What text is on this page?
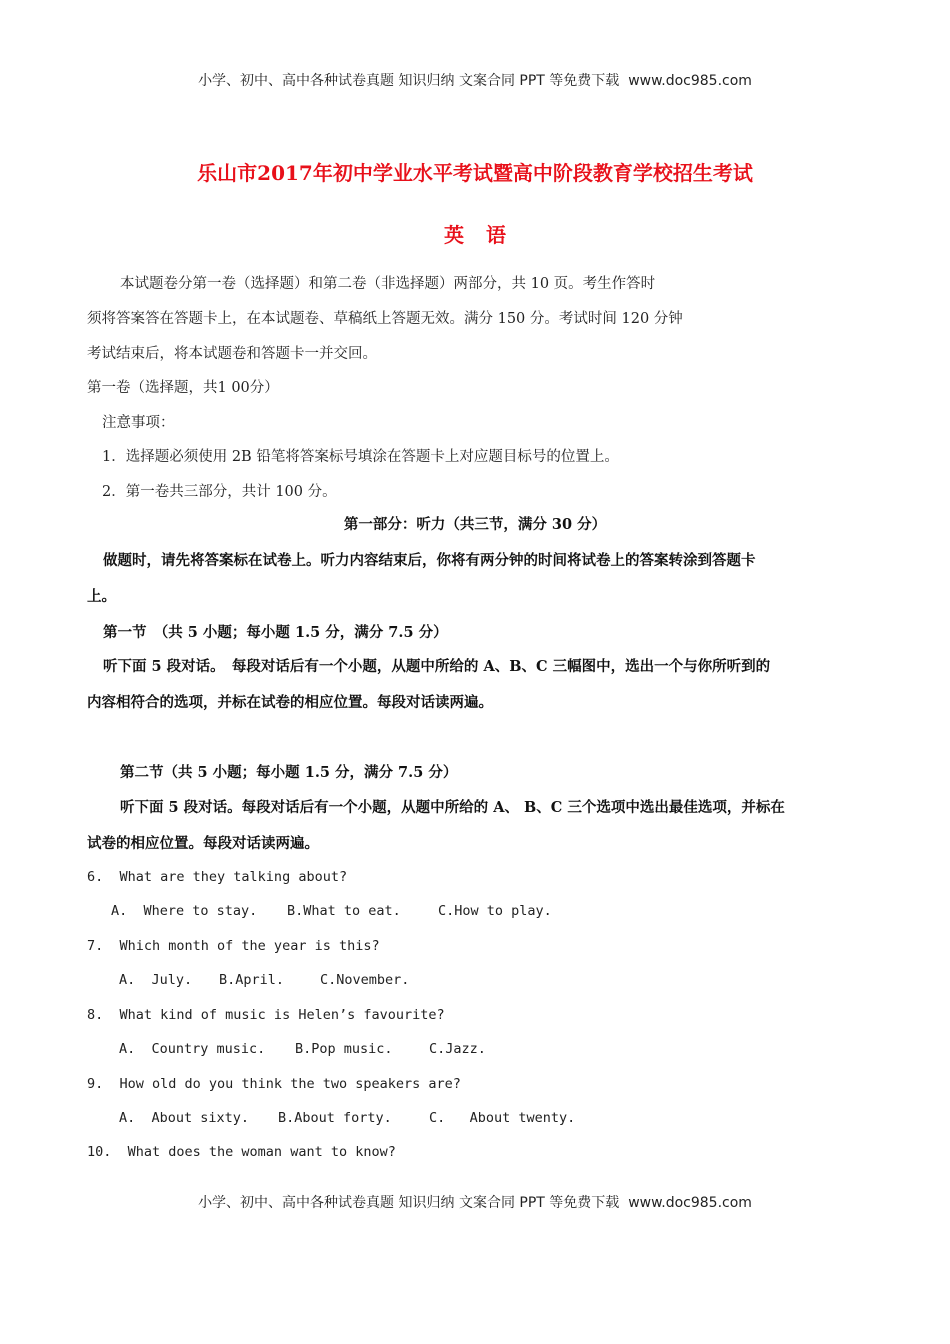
小学、初中、高中各种试卷真题 知识归纳 文案合同 PPT 等免费下载  www.doc985.com
乐山市2017年初中学业水平考试暨高中阶段教育学校招生考试
英语
本试题卷分第一卷（选择题）和第二卷（非选择题）两部分，共 10 页。考生作答时
须将答案答在答题卡上，在本试题卷、草稿纸上答题无效。满分 150 分。考试时间 120 分钟
考试结束后，将本试题卷和答题卡一并交回。
第一卷（选择题，共1 00分）
注意事项：
1．选择题必须使用 2B 铅笔将答案标号填涂在答题卡上对应题目标号的位置上。
2．第一卷共三部分，共计 100 分。
第一部分：听力（共三节，满分 30 分）
做题时，请先将答案标在试卷上。听力内容结束后，你将有两分钟的时间将试卷上的答案转涂到答题卡
上。
第一节　（共 5 小题；每小题 1.5 分，满分 7.5 分）
听下面 5 段对话。　每段对话后有一个小题，从题中所给的 A、B、C 三幅图中，选出一个与你所听到的
内容相符合的选项，并标在试卷的相应位置。每段对话读两遍。
第二节（共 5 小题；每小题 1.5 分，满分 7.5 分）
听下面 5 段对话。每段对话后有一个小题，从题中所给的 A、 B、C 三个选项中选出最佳选项，并标在
试卷的相应位置。每段对话读两遍。
6.  What are they talking about?
A.  Where to stay. B.What to eat.	C.How to play.
7.  Which month of the year is this?
A.  July. B.April.	C.November.
8.  What kind of music is Helen’s favourite?
A.  Country music. B.Pop music.	C.Jazz.
9.  How old do you think the two speakers are?
A.  About sixty. B.About forty.	C.   About twenty.
10.  What does the woman want to know?
小学、初中、高中各种试卷真题 知识归纳 文案合同 PPT 等免费下载  www.doc985.com
